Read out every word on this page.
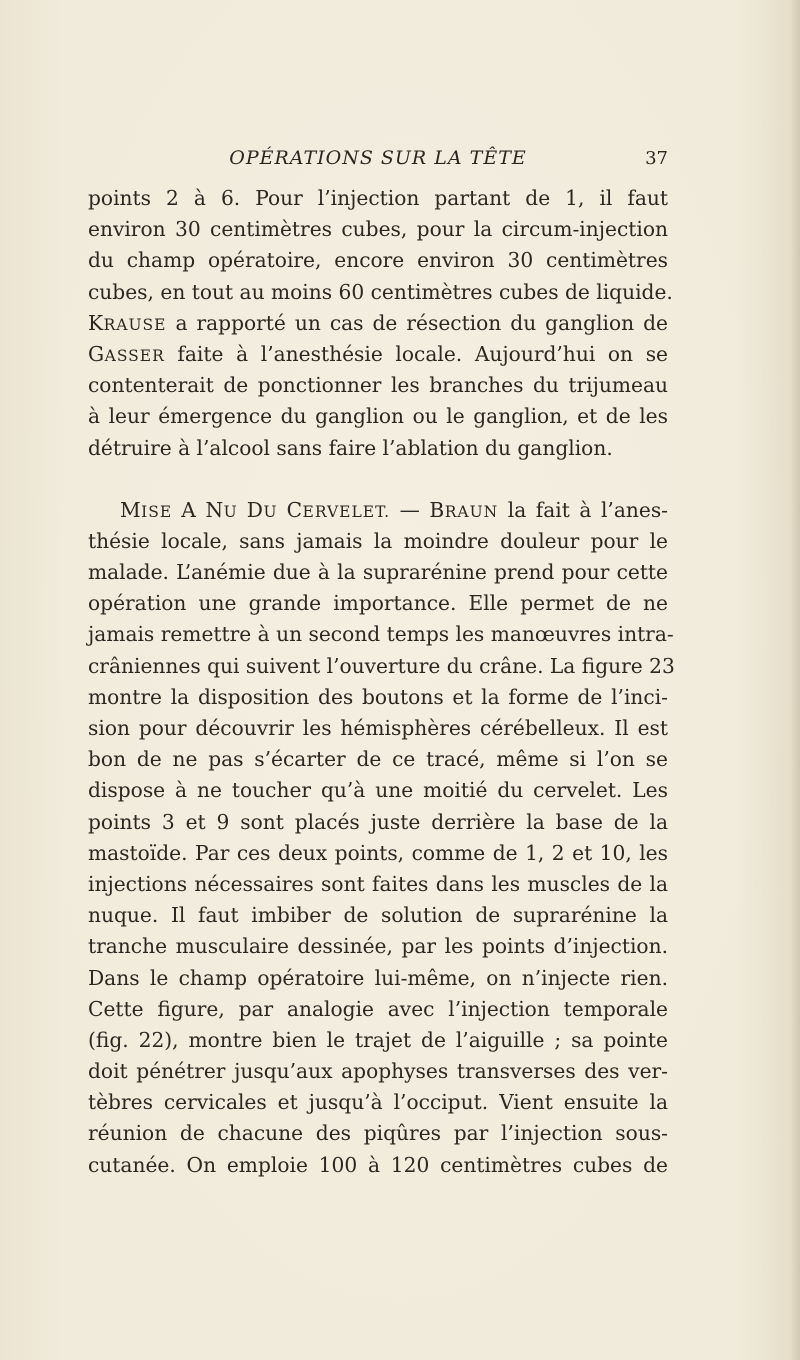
OPÉRATIONS SUR LA TÊTE	37
points 2 à 6. Pour l’injection partant de 1, il faut
environ 30 centimètres cubes, pour la circum-injection
du champ opératoire, encore environ 30 centimètres
cubes, en tout au moins 60 centimètres cubes de liquide.
KRAUSE a rapporté un cas de résection du ganglion de
GASSER faite à l’anesthésie locale. Aujourd’hui on se
contenterait de ponctionner les branches du trijumeau
à leur émergence du ganglion ou le ganglion, et de les
détruire à l’alcool sans faire l’ablation du ganglion.
MISE A NU DU CERVELET. — BRAUN la fait à l’anes-
thésie locale, sans jamais la moindre douleur pour le
malade. L’anémie due à la suprarénine prend pour cette
opération une grande importance. Elle permet de ne
jamais remettre à un second temps les manœuvres intra-
crâniennes qui suivent l’ouverture du crâne. La figure 23
montre la disposition des boutons et la forme de l’inci-
sion pour découvrir les hémisphères cérébelleux. Il est
bon de ne pas s’écarter de ce tracé, même si l’on se
dispose à ne toucher qu’à une moitié du cervelet. Les
points 3 et 9 sont placés juste derrière la base de la
mastoïde. Par ces deux points, comme de 1, 2 et 10, les
injections nécessaires sont faites dans les muscles de la
nuque. Il faut imbiber de solution de suprarénine la
tranche musculaire dessinée, par les points d’injection.
Dans le champ opératoire lui-même, on n’injecte rien.
Cette figure, par analogie avec l’injection temporale
(fig. 22), montre bien le trajet de l’aiguille ; sa pointe
doit pénétrer jusqu’aux apophyses transverses des ver-
tèbres cervicales et jusqu’à l’occiput. Vient ensuite la
réunion de chacune des piqûres par l’injection sous-
cutanée. On emploie 100 à 120 centimètres cubes de
